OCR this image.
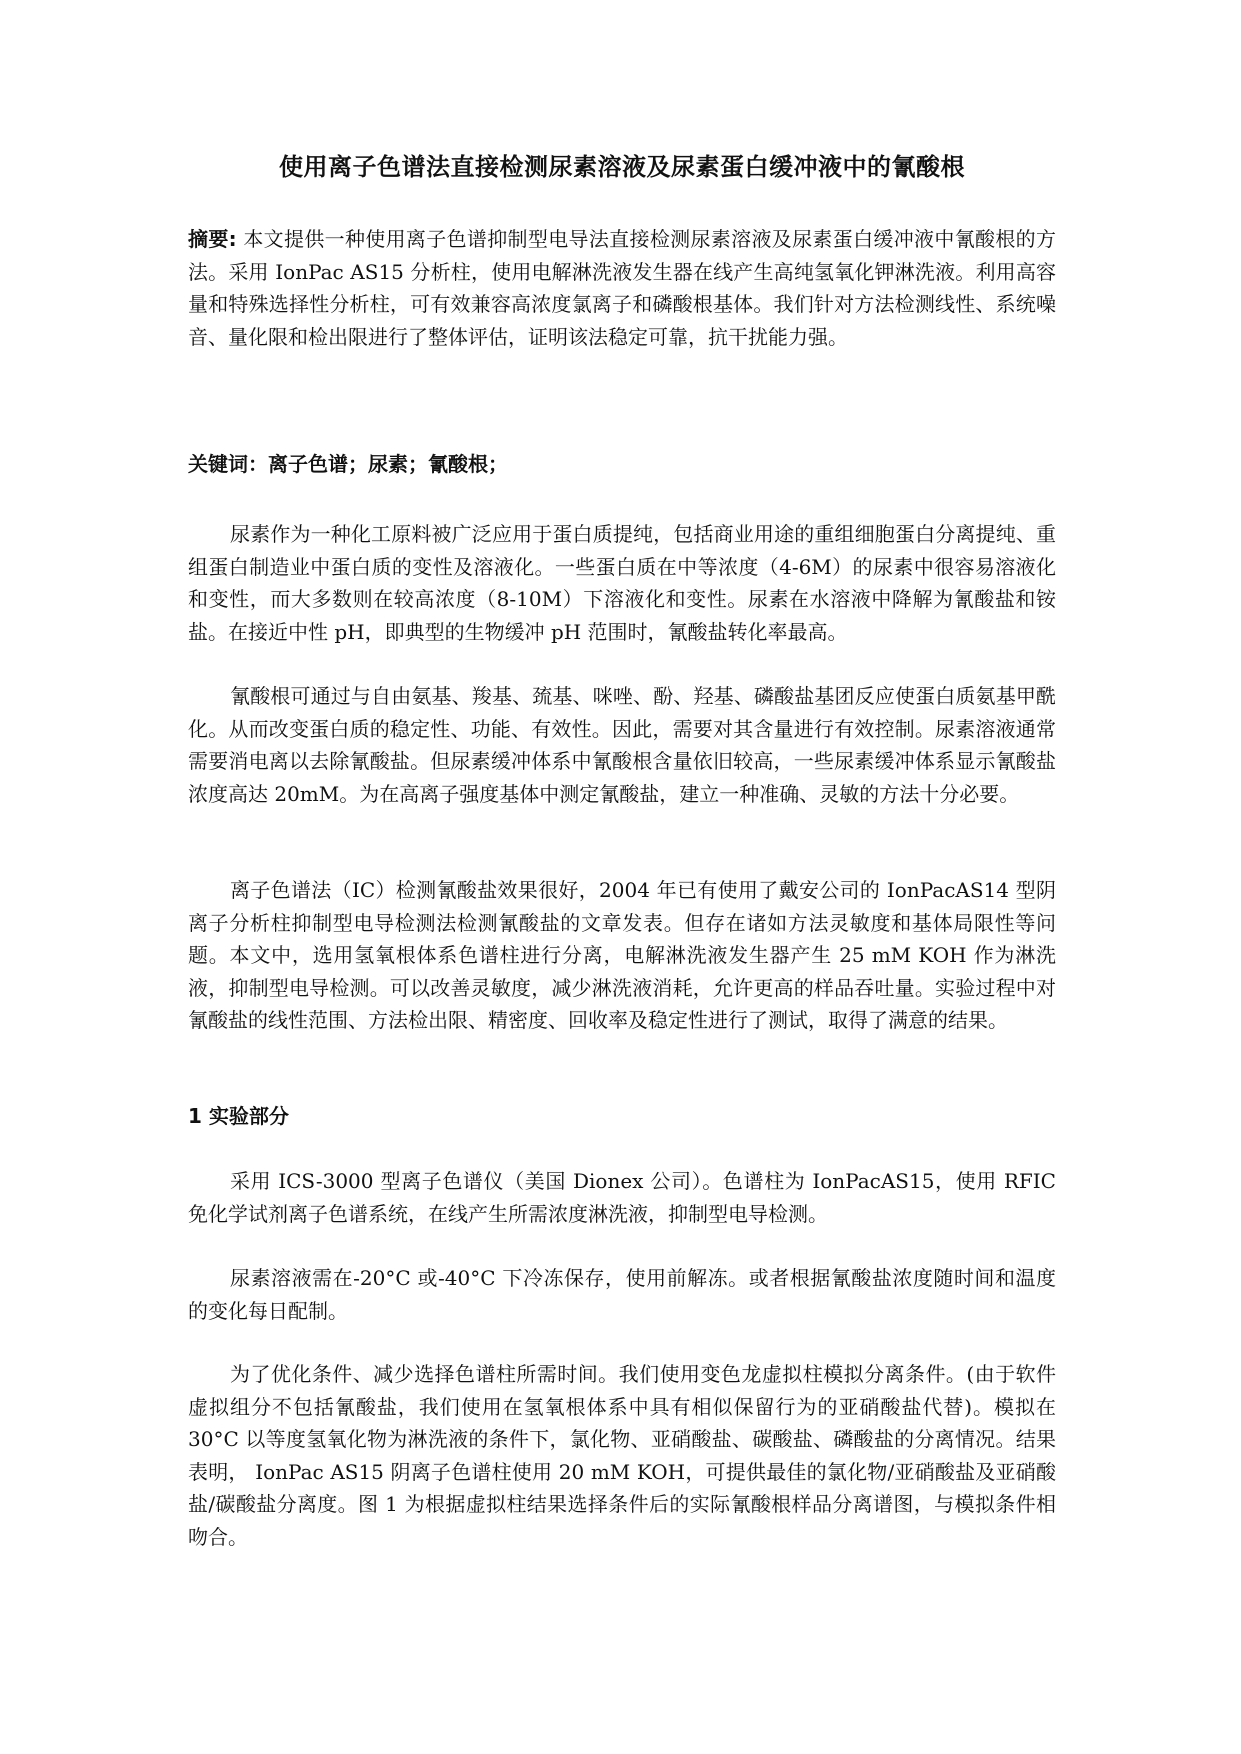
使用离子色谱法直接检测尿素溶液及尿素蛋白缓冲液中的氰酸根

摘要: 本文提供一种使用离子色谱抑制型电导法直接检测尿素溶液及尿素蛋白缓冲液中氰酸根的方法。采用 IonPac AS15 分析柱，使用电解淋洗液发生器在线产生高纯氢氧化钾淋洗液。利用高容量和特殊选择性分析柱，可有效兼容高浓度氯离子和磷酸根基体。我们针对方法检测线性、系统噪音、量化限和检出限进行了整体评估，证明该法稳定可靠，抗干扰能力强。

关键词：离子色谱；尿素；氰酸根；

尿素作为一种化工原料被广泛应用于蛋白质提纯，包括商业用途的重组细胞蛋白分离提纯、重组蛋白制造业中蛋白质的变性及溶液化。一些蛋白质在中等浓度（4-6M）的尿素中很容易溶液化和变性，而大多数则在较高浓度（8-10M）下溶液化和变性。尿素在水溶液中降解为氰酸盐和铵盐。在接近中性 pH，即典型的生物缓冲 pH 范围时，氰酸盐转化率最高。

氰酸根可通过与自由氨基、羧基、巯基、咪唑、酚、羟基、磷酸盐基团反应使蛋白质氨基甲酰化。从而改变蛋白质的稳定性、功能、有效性。因此，需要对其含量进行有效控制。尿素溶液通常需要消电离以去除氰酸盐。但尿素缓冲体系中氰酸根含量依旧较高，一些尿素缓冲体系显示氰酸盐浓度高达 20mM。为在高离子强度基体中测定氰酸盐，建立一种准确、灵敏的方法十分必要。

离子色谱法（IC）检测氰酸盐效果很好，2004 年已有使用了戴安公司的 IonPacAS14 型阴离子分析柱抑制型电导检测法检测氰酸盐的文章发表。但存在诸如方法灵敏度和基体局限性等问题。本文中，选用氢氧根体系色谱柱进行分离，电解淋洗液发生器产生 25 mM KOH 作为淋洗液，抑制型电导检测。可以改善灵敏度，减少淋洗液消耗，允许更高的样品吞吐量。实验过程中对氰酸盐的线性范围、方法检出限、精密度、回收率及稳定性进行了测试，取得了满意的结果。

1 实验部分

采用 ICS-3000 型离子色谱仪（美国 Dionex 公司）。色谱柱为 IonPacAS15，使用 RFIC 免化学试剂离子色谱系统，在线产生所需浓度淋洗液，抑制型电导检测。

尿素溶液需在-20°C 或-40°C 下冷冻保存，使用前解冻。或者根据氰酸盐浓度随时间和温度的变化每日配制。

为了优化条件、减少选择色谱柱所需时间。我们使用变色龙虚拟柱模拟分离条件。(由于软件虚拟组分不包括氰酸盐，我们使用在氢氧根体系中具有相似保留行为的亚硝酸盐代替)。模拟在 30°C 以等度氢氧化物为淋洗液的条件下，氯化物、亚硝酸盐、碳酸盐、磷酸盐的分离情况。结果表明， IonPac AS15 阴离子色谱柱使用 20 mM KOH，可提供最佳的氯化物/亚硝酸盐及亚硝酸盐/碳酸盐分离度。图 1 为根据虚拟柱结果选择条件后的实际氰酸根样品分离谱图，与模拟条件相吻合。
